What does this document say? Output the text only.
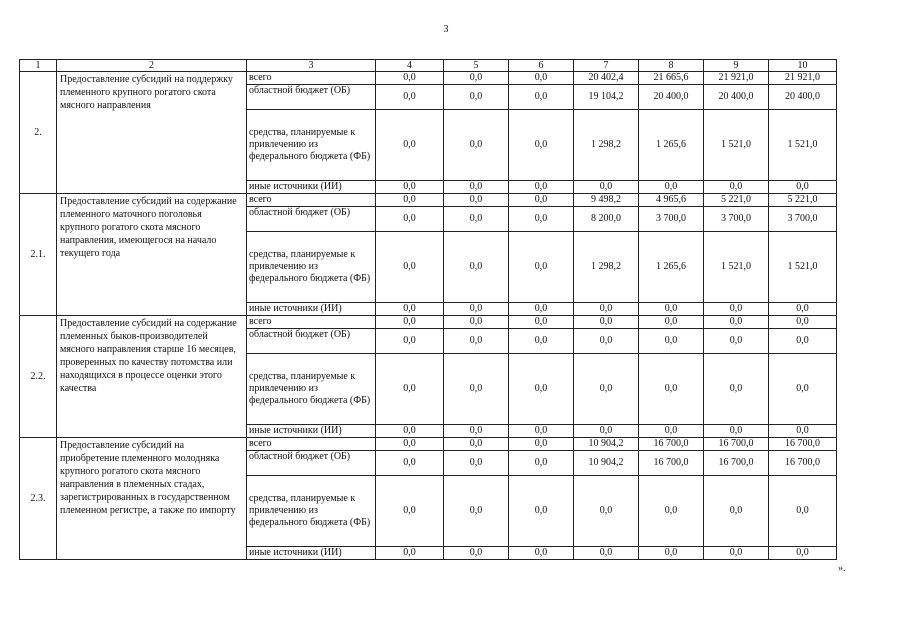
3
1	2	3	4	5	6	7	8	9	10
2.	Предоставление субсидий на поддержку племенного крупного рогатого скота мясного направления	всего	0,0	0,0	0,0	20 402,4	21 665,6	21 921,0	21 921,0
		областной бюджет (ОБ)	0,0	0,0	0,0	19 104,2	20 400,0	20 400,0	20 400,0
		средства, планируемые к привлечению из федерального бюджета (ФБ)	0,0	0,0	0,0	1 298,2	1 265,6	1 521,0	1 521,0
		иные источники (ИИ)	0,0	0,0	0,0	0,0	0,0	0,0	0,0
2.1.	Предоставление субсидий на содержание племенного маточного поголовья крупного рогатого скота мясного направления, имеющегося на начало текущего года	всего	0,0	0,0	0,0	9 498,2	4 965,6	5 221,0	5 221,0
		областной бюджет (ОБ)	0,0	0,0	0,0	8 200,0	3 700,0	3 700,0	3 700,0
		средства, планируемые к привлечению из федерального бюджета (ФБ)	0,0	0,0	0,0	1 298,2	1 265,6	1 521,0	1 521,0
		иные источники (ИИ)	0,0	0,0	0,0	0,0	0,0	0,0	0,0
2.2.	Предоставление субсидий на содержание племенных быков-производителей мясного направления старше 16 месяцев, проверенных по качеству потомства или находящихся в процессе оценки этого качества	всего	0,0	0,0	0,0	0,0	0,0	0,0	0,0
		областной бюджет (ОБ)	0,0	0,0	0,0	0,0	0,0	0,0	0,0
		средства, планируемые к привлечению из федерального бюджета (ФБ)	0,0	0,0	0,0	0,0	0,0	0,0	0,0
		иные источники (ИИ)	0,0	0,0	0,0	0,0	0,0	0,0	0,0
2.3.	Предоставление субсидий на приобретение племенного молодняка крупного рогатого скота мясного направления в племенных стадах, зарегистрированных в государственном племенном регистре, а также по импорту	всего	0,0	0,0	0,0	10 904,2	16 700,0	16 700,0	16 700,0
		областной бюджет (ОБ)	0,0	0,0	0,0	10 904,2	16 700,0	16 700,0	16 700,0
		средства, планируемые к привлечению из федерального бюджета (ФБ)	0,0	0,0	0,0	0,0	0,0	0,0	0,0
		иные источники (ИИ)	0,0	0,0	0,0	0,0	0,0	0,0	0,0
».
